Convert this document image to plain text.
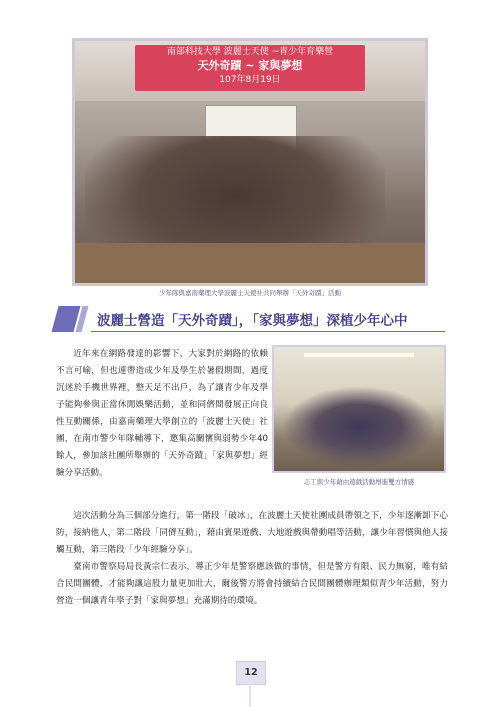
南部科技大學 波麗士天使 ~青少年育樂營
天外奇蹟 ~ 家與夢想
107年8月19日
少年隊與嘉南藥理大學波麗士天使社共同舉辦「天外奇蹟」活動
波麗士營造「天外奇蹟」，「家與夢想」深植少年心中

近年來在網路發達的影響下，大家對於網路的依賴不言可喻，但也連帶造成少年及學生於暑假期間，過度沉迷於手機世界裡，整天足不出戶，為了讓青少年及學子能夠參與正當休閒娛樂活動，並和同儕間發展正向良性互動關係，由嘉南藥理大學創立的「波麗士天使」社團，在南市警少年隊輔導下，邀集高關懷與弱勢少年40餘人，參加該社團所舉辦的「天外奇蹟」「家與夢想」經驗分享活動。

志工與少年藉由遊戲活動增進雙方情感

這次活動分為三個部分進行，第一階段「破冰」，在波麗士天使社團成員帶領之下，少年逐漸卸下心防，接納他人，第二階段「同儕互動」，藉由賓果遊戲、大地遊戲與帶動唱等活動，讓少年習慣與他人接觸互動，第三階段「少年經驗分享」。

臺南市警察局局長黃宗仁表示，導正少年是警察應該做的事情，但是警方有限、民力無窮，唯有結合民間團體，才能夠讓這股力量更加壯大，爾後警方將會持續結合民間團體辦理類似青少年活動，努力營造一個讓青年學子對「家與夢想」充滿期待的環境。

12
